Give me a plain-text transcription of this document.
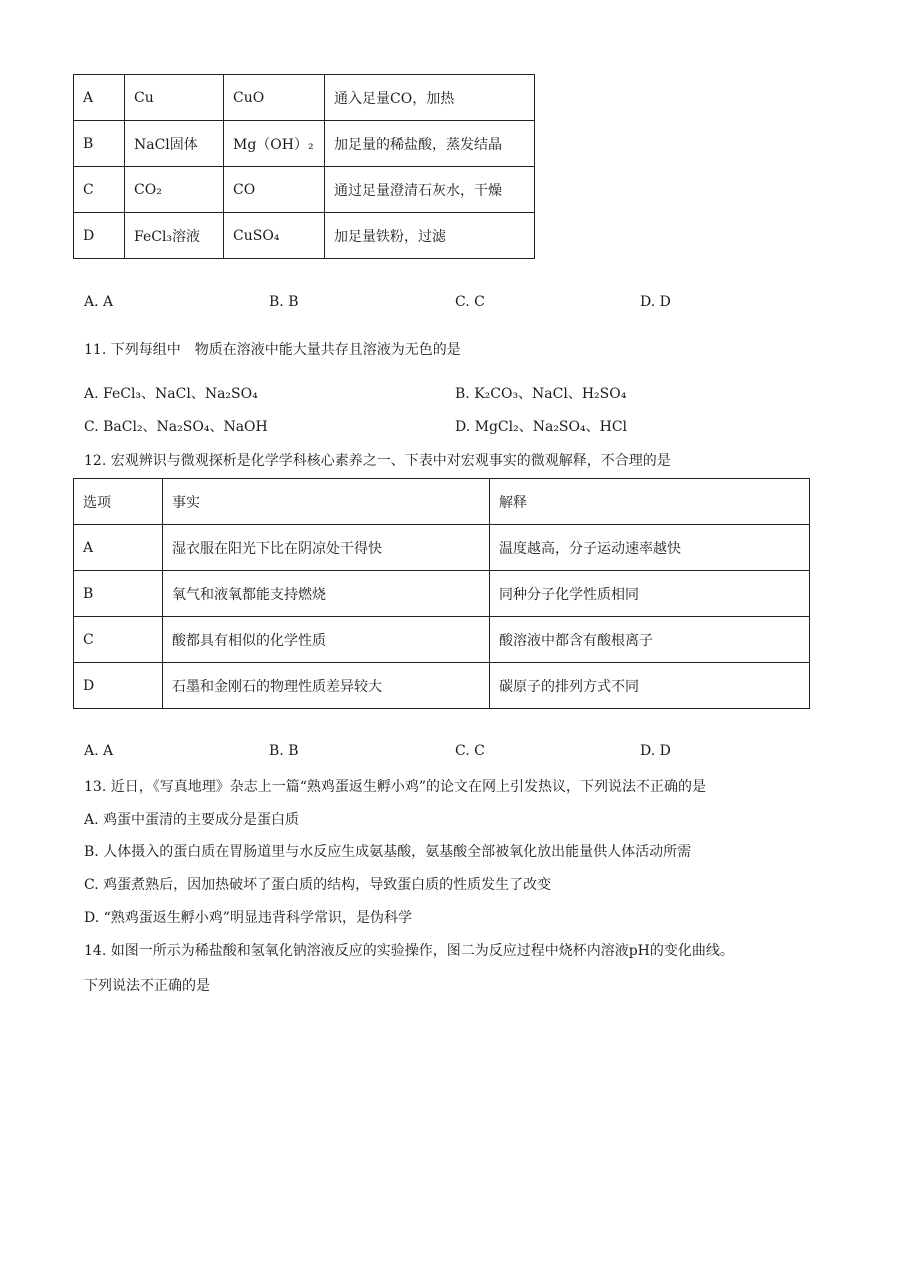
A	Cu	CuO	通入足量CO，加热
B	NaCl固体	Mg（OH）₂	加足量的稀盐酸，蒸发结晶
C	CO₂	CO	通过足量澄清石灰水，干燥
D	FeCl₃溶液	CuSO₄	加足量铁粉，过滤
A. A	B. B	C. C	D. D
11. 下列每组中　物质在溶液中能大量共存且溶液为无色的是
A. FeCl₃、NaCl、Na₂SO₄	B. K₂CO₃、NaCl、H₂SO₄
C. BaCl₂、Na₂SO₄、NaOH	D. MgCl₂、Na₂SO₄、HCl
12. 宏观辨识与微观探析是化学学科核心素养之一、下表中对宏观事实的微观解释，不合理的是
选项	事实	解释
A	湿衣服在阳光下比在阴凉处干得快	温度越高，分子运动速率越快
B	氧气和液氧都能支持燃烧	同种分子化学性质相同
C	酸都具有相似的化学性质	酸溶液中都含有酸根离子
D	石墨和金刚石的物理性质差异较大	碳原子的排列方式不同
A. A	B. B	C. C	D. D
13. 近日，《写真地理》杂志上一篇“熟鸡蛋返生孵小鸡”的论文在网上引发热议，下列说法不正确的是
A. 鸡蛋中蛋清的主要成分是蛋白质
B. 人体摄入的蛋白质在胃肠道里与水反应生成氨基酸，氨基酸全部被氧化放出能量供人体活动所需
C. 鸡蛋煮熟后，因加热破坏了蛋白质的结构，导致蛋白质的性质发生了改变
D. “熟鸡蛋返生孵小鸡”明显违背科学常识，是伪科学
14. 如图一所示为稀盐酸和氢氧化钠溶液反应的实验操作，图二为反应过程中烧杯内溶液pH的变化曲线。
下列说法不正确的是
